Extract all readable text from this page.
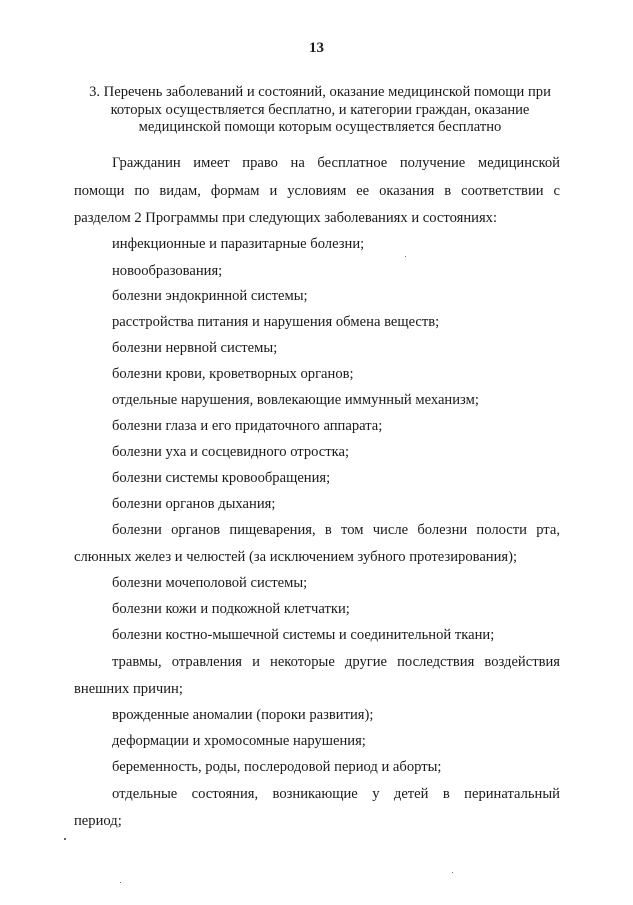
13
3. Перечень заболеваний и состояний, оказание медицинской помощи при
которых осуществляется бесплатно, и категории граждан, оказание
медицинской помощи которым осуществляется бесплатно
Гражданин имеет право на бесплатное получение медицинской
помощи по видам, формам и условиям ее оказания в соответствии с
разделом 2 Программы при следующих заболеваниях и состояниях:
инфекционные и паразитарные болезни;
новообразования;
болезни эндокринной системы;
расстройства питания и нарушения обмена веществ;
болезни нервной системы;
болезни крови, кроветворных органов;
отдельные нарушения, вовлекающие иммунный механизм;
болезни глаза и его придаточного аппарата;
болезни уха и сосцевидного отростка;
болезни системы кровообращения;
болезни органов дыхания;
болезни органов пищеварения, в том числе болезни полости рта,
слюнных желез и челюстей (за исключением зубного протезирования);
болезни мочеполовой системы;
болезни кожи и подкожной клетчатки;
болезни костно-мышечной системы и соединительной ткани;
травмы, отравления и некоторые другие последствия воздействия
внешних причин;
врожденные аномалии (пороки развития);
деформации и хромосомные нарушения;
беременность, роды, послеродовой период и аборты;
отдельные состояния, возникающие у детей в перинатальный
период;
